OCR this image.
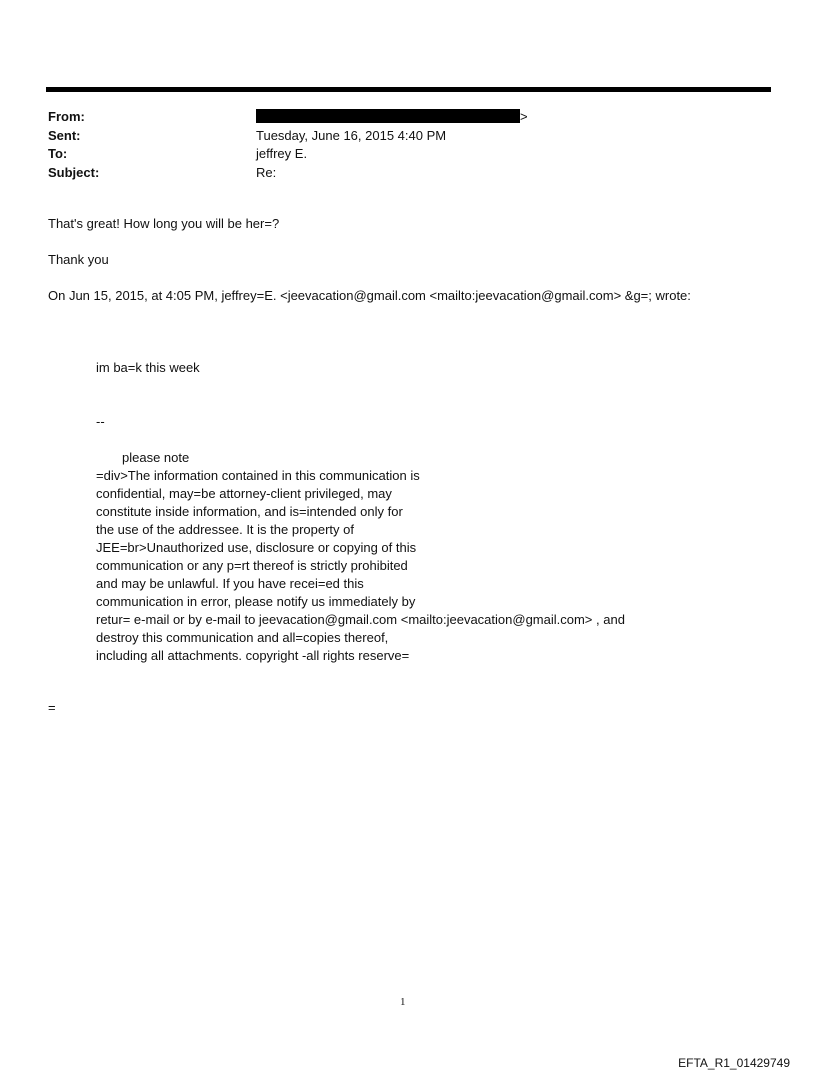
From:	>
Sent:	Tuesday, June 16, 2015 4:40 PM
To:	jeffrey E.
Subject:	Re:
That's great! How long you will be her=?
Thank you
On Jun 15, 2015, at 4:05 PM, jeffrey=E. <jeevacation@gmail.com <mailto:jeevacation@gmail.com> &g=; wrote:
im ba=k this week
--
please note
=div>The information contained in this communication is
confidential, may=be attorney-client privileged, may
constitute inside information, and is=intended only for
the use of the addressee. It is the property of
JEE=br>Unauthorized use, disclosure or copying of this
communication or any p=rt thereof is strictly prohibited
and may be unlawful. If you have recei=ed this
communication in error, please notify us immediately by
retur= e-mail or by e-mail to jeevacation@gmail.com <mailto:jeevacation@gmail.com> , and
destroy this communication and all=copies thereof,
including all attachments. copyright -all rights reserve=
=
1
EFTA_R1_01429749
